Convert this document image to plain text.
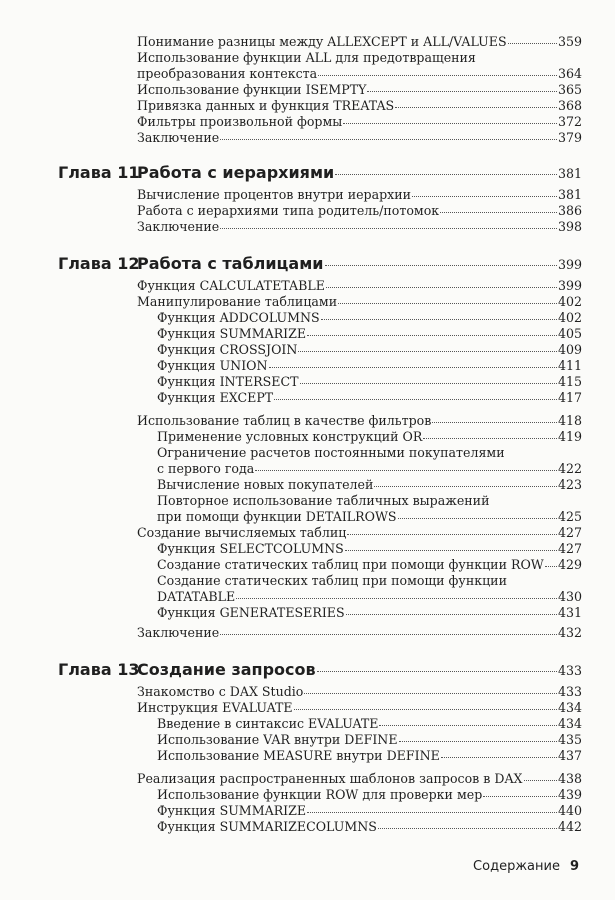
Понимание разницы между ALLEXCEPT и ALL/VALUES	359
Использование функции ALL для предотвращения
преобразования контекста	364
Использование функции ISEMPTY	365
Привязка данных и функция TREATAS	368
Фильтры произвольной формы	372
Заключение	379
Глава 11
Работа с иерархиями	381
Вычисление процентов внутри иерархии	381
Работа с иерархиями типа родитель/потомок	386
Заключение	398
Глава 12
Работа с таблицами	399
Функция CALCULATETABLE	399
Манипулирование таблицами	402
Функция ADDCOLUMNS	402
Функция SUMMARIZE	405
Функция CROSSJOIN	409
Функция UNION	411
Функция INTERSECT	415
Функция EXCEPT	417
Использование таблиц в качестве фильтров	418
Применение условных конструкций OR	419
Ограничение расчетов постоянными покупателями
с первого года	422
Вычисление новых покупателей	423
Повторное использование табличных выражений
при помощи функции DETAILROWS	425
Создание вычисляемых таблиц	427
Функция SELECTCOLUMNS	427
Создание статических таблиц при помощи функции ROW 429
Создание статических таблиц при помощи функции
DATATABLE	430
Функция GENERATESERIES	431
Заключение	432
Глава 13
Создание запросов	433
Знакомство с DAX Studio	433
Инструкция EVALUATE	434
Введение в синтаксис EVALUATE	434
Использование VAR внутри DEFINE	435
Использование MEASURE внутри DEFINE	437
Реализация распространенных шаблонов запросов в DAX	438
Использование функции ROW для проверки мер	439
Функция SUMMARIZE	440
Функция SUMMARIZECOLUMNS	442
Содержание 9
